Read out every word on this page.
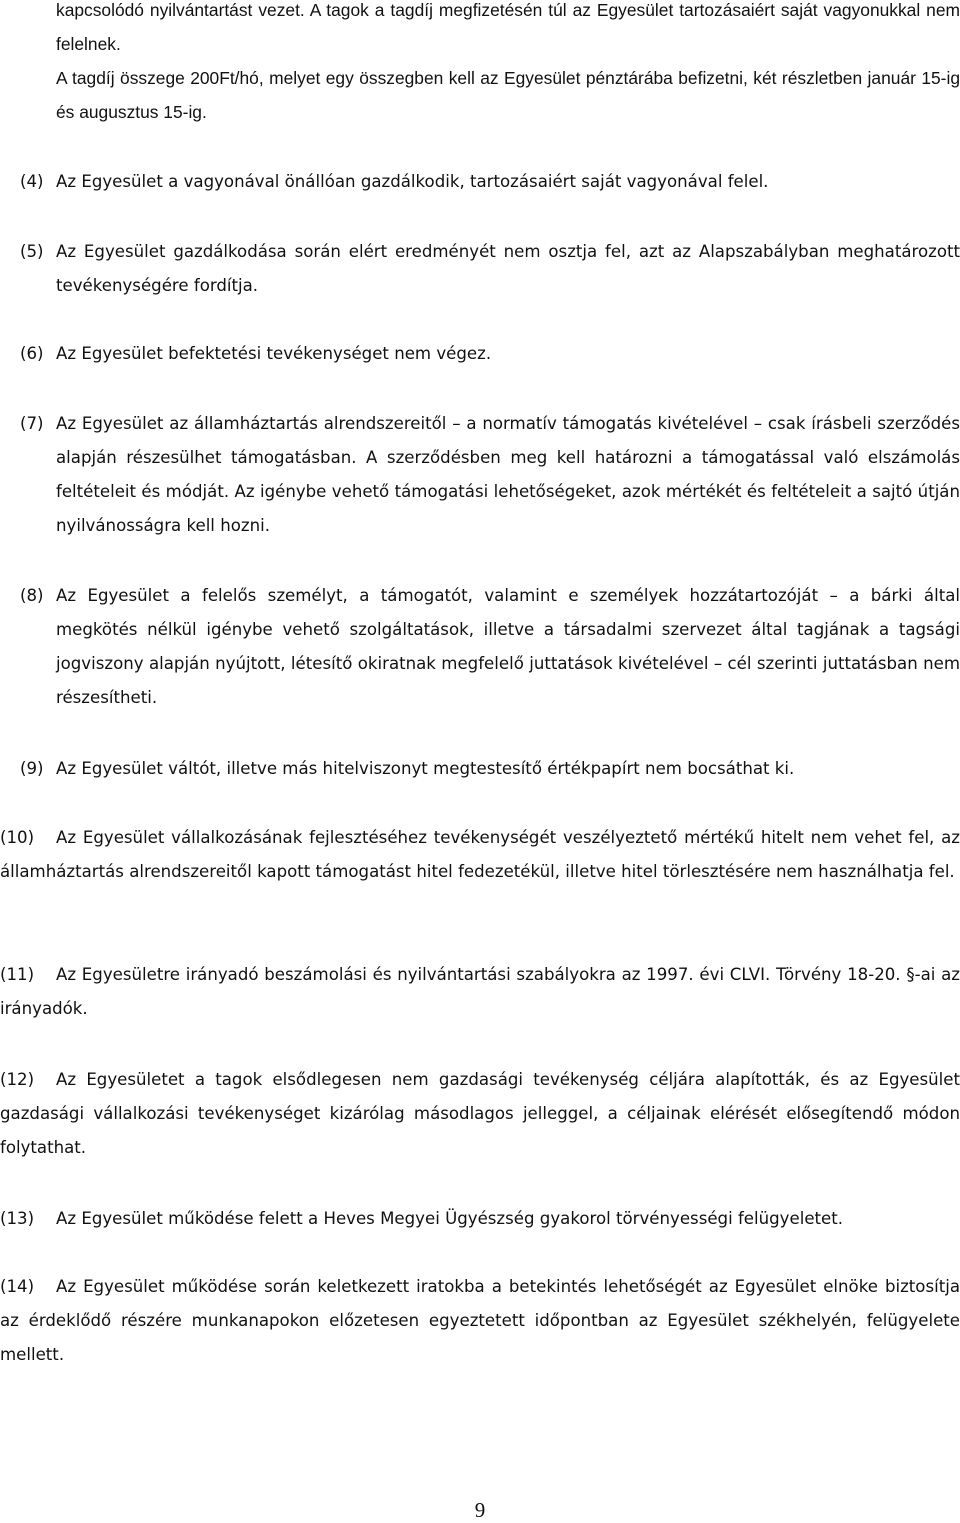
kapcsolódó nyilvántartást vezet. A tagok a tagdíj megfizetésén túl az Egyesület tartozásaiért saját vagyonukkal nem felelnek.

A tagdíj összege 200Ft/hó, melyet egy összegben kell az Egyesület pénztárába befizetni, két részletben január 15-ig és augusztus 15-ig.

(4) Az Egyesület a vagyonával önállóan gazdálkodik, tartozásaiért saját vagyonával felel.
(5) Az Egyesület gazdálkodása során elért eredményét nem osztja fel, azt az Alapszabályban meghatározott tevékenységére fordítja.
(6) Az Egyesület befektetési tevékenységet nem végez.
(7) Az Egyesület az államháztartás alrendszereitől – a normatív támogatás kivételével – csak írásbeli szerződés alapján részesülhet támogatásban. A szerződésben meg kell határozni a támogatással való elszámolás feltételeit és módját. Az igénybe vehető támogatási lehetőségeket, azok mértékét és feltételeit a sajtó útján nyilvánosságra kell hozni.
(8) Az Egyesület a felelős személyt, a támogatót, valamint e személyek hozzátartozóját – a bárki által megkötés nélkül igénybe vehető szolgáltatások, illetve a társadalmi szervezet által tagjának a tagsági jogviszony alapján nyújtott, létesítő okiratnak megfelelő juttatások kivételével – cél szerinti juttatásban nem részesítheti.
(9) Az Egyesület váltót, illetve más hitelviszonyt megtestesítő értékpapírt nem bocsáthat ki.
(10) Az Egyesület vállalkozásának fejlesztéséhez tevékenységét veszélyeztető mértékű hitelt nem vehet fel, az államháztartás alrendszereitől kapott támogatást hitel fedezetékül, illetve hitel törlesztésére nem használhatja fel.
(11) Az Egyesületre irányadó beszámolási és nyilvántartási szabályokra az 1997. évi CLVI. Törvény 18-20. §-ai az irányadók.
(12) Az Egyesületet a tagok elsődlegesen nem gazdasági tevékenység céljára alapították, és az Egyesület gazdasági vállalkozási tevékenységet kizárólag másodlagos jelleggel, a céljainak elérését elősegítendő módon folytathat.
(13) Az Egyesület működése felett a Heves Megyei Ügyészség gyakorol törvényességi felügyeletet.
(14) Az Egyesület működése során keletkezett iratokba a betekintés lehetőségét az Egyesület elnöke biztosítja az érdeklődő részére munkanapokon előzetesen egyeztetett időpontban az Egyesület székhelyén, felügyelete mellett.

9
